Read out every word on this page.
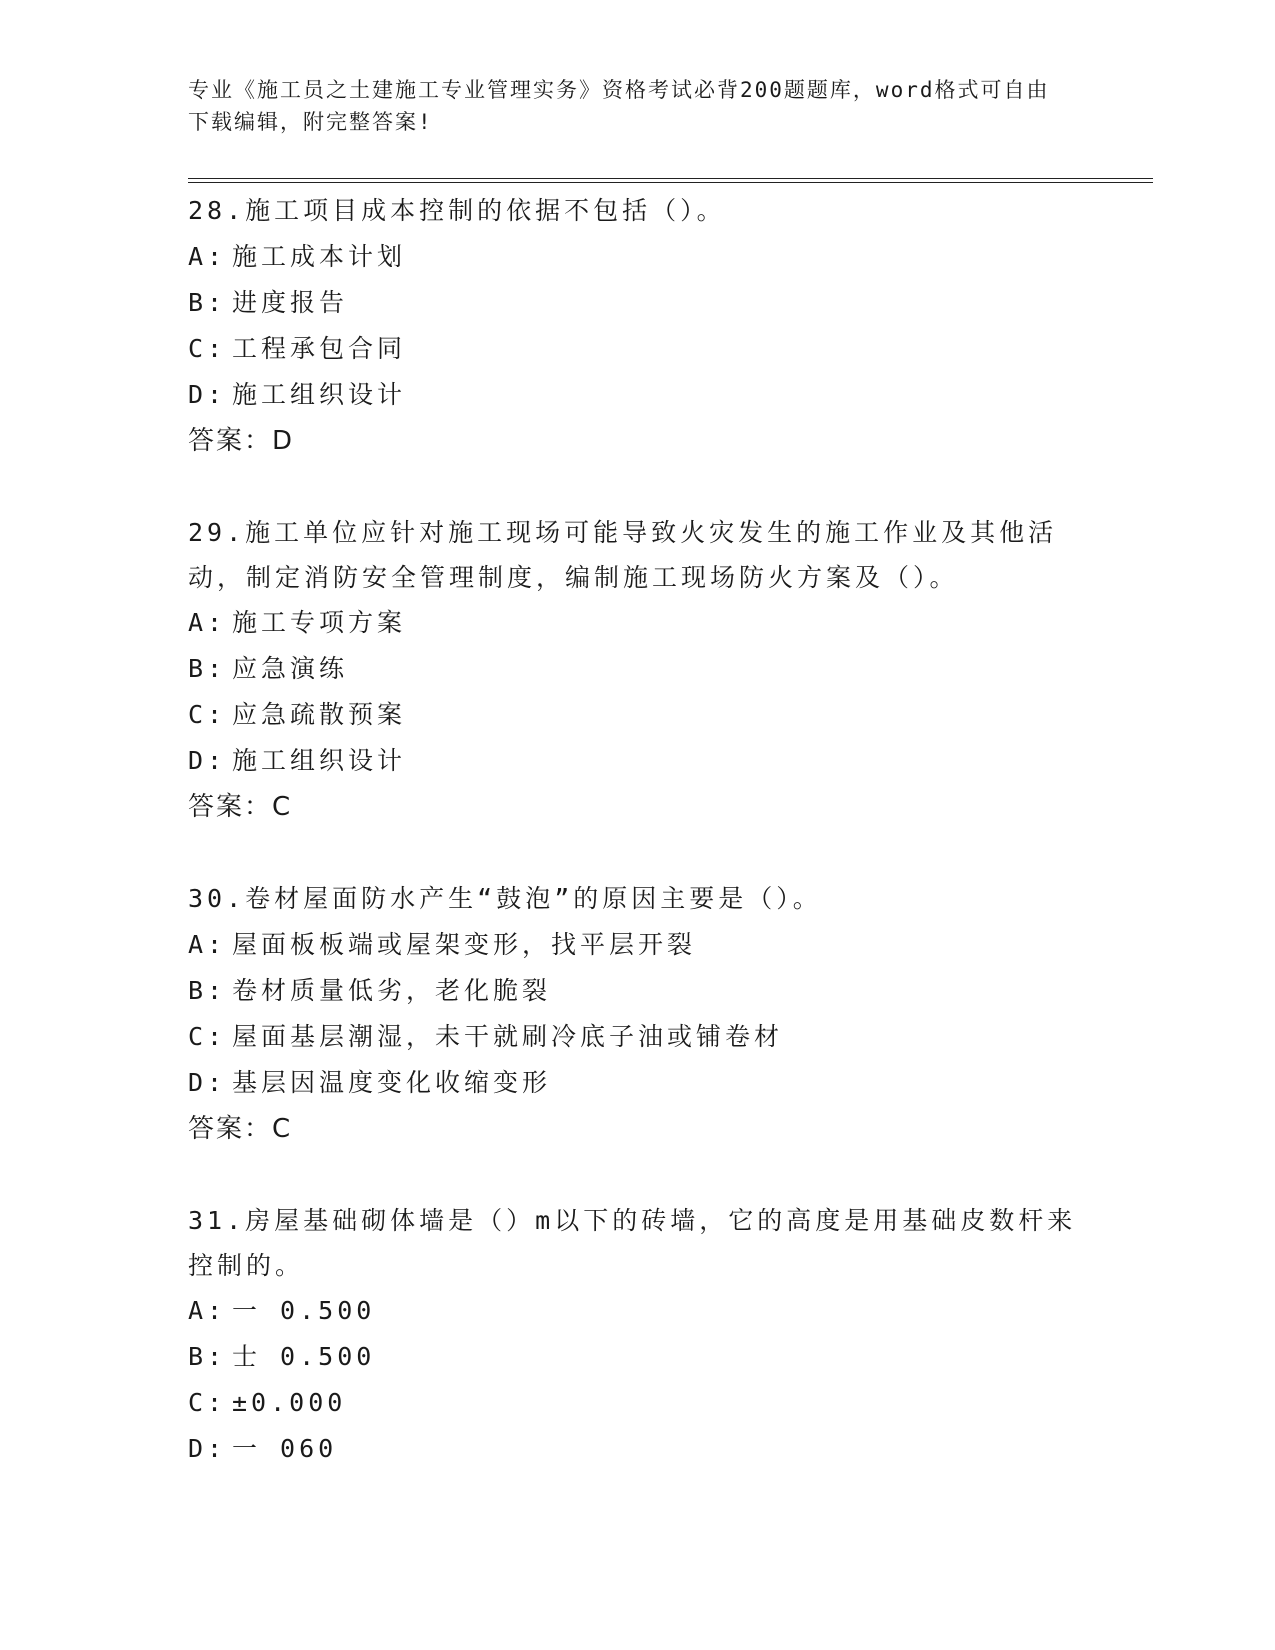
专业《施工员之土建施工专业管理实务》资格考试必背200题题库，word格式可自由下载编辑，附完整答案!
28.施工项目成本控制的依据不包括（）。
A: 施工成本计划
B: 进度报告
C: 工程承包合同
D: 施工组织设计
答案：D
29.施工单位应针对施工现场可能导致火灾发生的施工作业及其他活动，制定消防安全管理制度，编制施工现场防火方案及（）。
A: 施工专项方案
B: 应急演练
C: 应急疏散预案
D: 施工组织设计
答案：C
30.卷材屋面防水产生“鼓泡”的原因主要是（）。
A: 屋面板板端或屋架变形，找平层开裂
B: 卷材质量低劣，老化脆裂
C: 屋面基层潮湿，未干就刷冷底子油或铺卷材
D: 基层因温度变化收缩变形
答案：C
31.房屋基础砌体墙是（）m以下的砖墙，它的高度是用基础皮数杆来控制的。
A: 一 0.500
B: 士 0.500
C: ±0.000
D: 一 060
